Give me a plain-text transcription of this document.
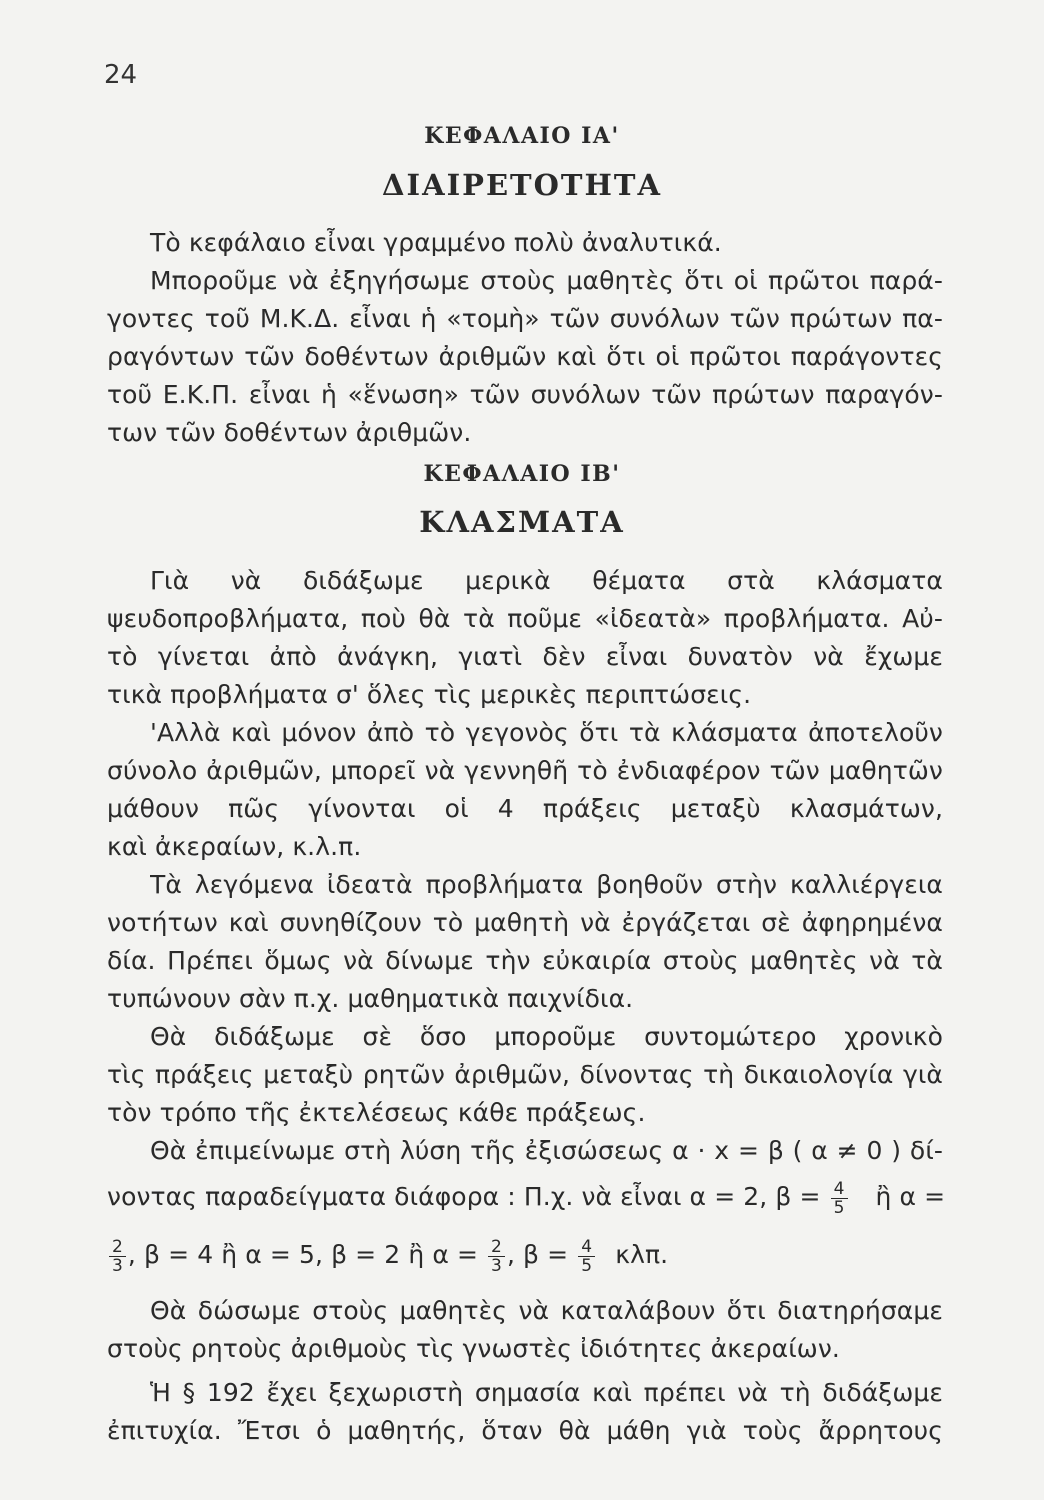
24
ΚΕΦΑΛΑΙΟ ΙΑ'
ΔΙΑΙΡΕΤΟΤΗΤΑ
Τὸ κεφάλαιο εἶναι γραμμένο πολὺ ἀναλυτικά.
Μποροῦμε νὰ ἐξηγήσωμε στοὺς μαθητὲς ὅτι οἱ πρῶτοι παρά-
γοντες τοῦ Μ.Κ.Δ. εἶναι ἡ «τομὴ» τῶν συνόλων τῶν πρώτων πα-
ραγόντων τῶν δοθέντων ἀριθμῶν καὶ ὅτι οἱ πρῶτοι παράγοντες
τοῦ Ε.Κ.Π. εἶναι ἡ «ἕνωση» τῶν συνόλων τῶν πρώτων παραγόν-
των τῶν δοθέντων ἀριθμῶν.
ΚΕΦΑΛΑΙΟ ΙΒ'
ΚΛΑΣΜΑΤΑ
Γιὰ νὰ διδάξωμε μερικὰ θέματα στὰ κλάσματα
ψευδοπροβλήματα, ποὺ θὰ τὰ ποῦμε «ἰδεατὰ» προβλήματα. Αὐ-
τὸ γίνεται ἀπὸ ἀνάγκη, γιατὶ δὲν εἶναι δυνατὸν νὰ ἔχωμε
τικὰ προβλήματα σ' ὅλες τὶς μερικὲς περιπτώσεις.
'Αλλὰ καὶ μόνον ἀπὸ τὸ γεγονὸς ὅτι τὰ κλάσματα ἀποτελοῦν
σύνολο ἀριθμῶν, μπορεῖ νὰ γεννηθῆ τὸ ἐνδιαφέρον τῶν μαθητῶν
μάθουν πῶς γίνονται οἱ 4 πράξεις μεταξὺ κλασμάτων,
καὶ ἀκεραίων, κ.λ.π.
Τὰ λεγόμενα ἰδεατὰ προβλήματα βοηθοῦν στὴν καλλιέργεια
νοτήτων καὶ συνηθίζουν τὸ μαθητὴ νὰ ἐργάζεται σὲ ἀφηρημένα
δία. Πρέπει ὅμως νὰ δίνωμε τὴν εὐκαιρία στοὺς μαθητὲς νὰ τὰ
τυπώνουν σὰν π.χ. μαθηματικὰ παιχνίδια.
Θὰ διδάξωμε σὲ ὅσο μποροῦμε συντομώτερο χρονικὸ
τὶς πράξεις μεταξὺ ρητῶν ἀριθμῶν, δίνοντας τὴ δικαιολογία γιὰ
τὸν τρόπο τῆς ἐκτελέσεως κάθε πράξεως.
Θὰ ἐπιμείνωμε στὴ λύση τῆς ἐξισώσεως α · x = β ( α ≠ 0 ) δί-
νοντας παραδείγματα διάφορα : Π.χ. νὰ εἶναι α = 2, $\beta = \frac{4}{5}$ ἢ α =
$\frac{2}{3}$ , β = 4 ἢ α = 5, β = 2 ἢ $\alpha = \frac{2}{3}$ , $\beta = \frac{4}{5} \kappa\lambda\pi$.
Θὰ δώσωμε στοὺς μαθητὲς νὰ καταλάβουν ὅτι διατηρήσαμε
στοὺς ρητοὺς ἀριθμοὺς τὶς γνωστὲς ἰδιότητες ἀκεραίων.
Ἡ § 192 ἔχει ξεχωριστὴ σημασία καὶ πρέπει νὰ τὴ διδάξωμε
ἐπιτυχία. Ἔτσι ὁ μαθητής, ὅταν θὰ μάθη γιὰ τοὺς ἄρρητους
